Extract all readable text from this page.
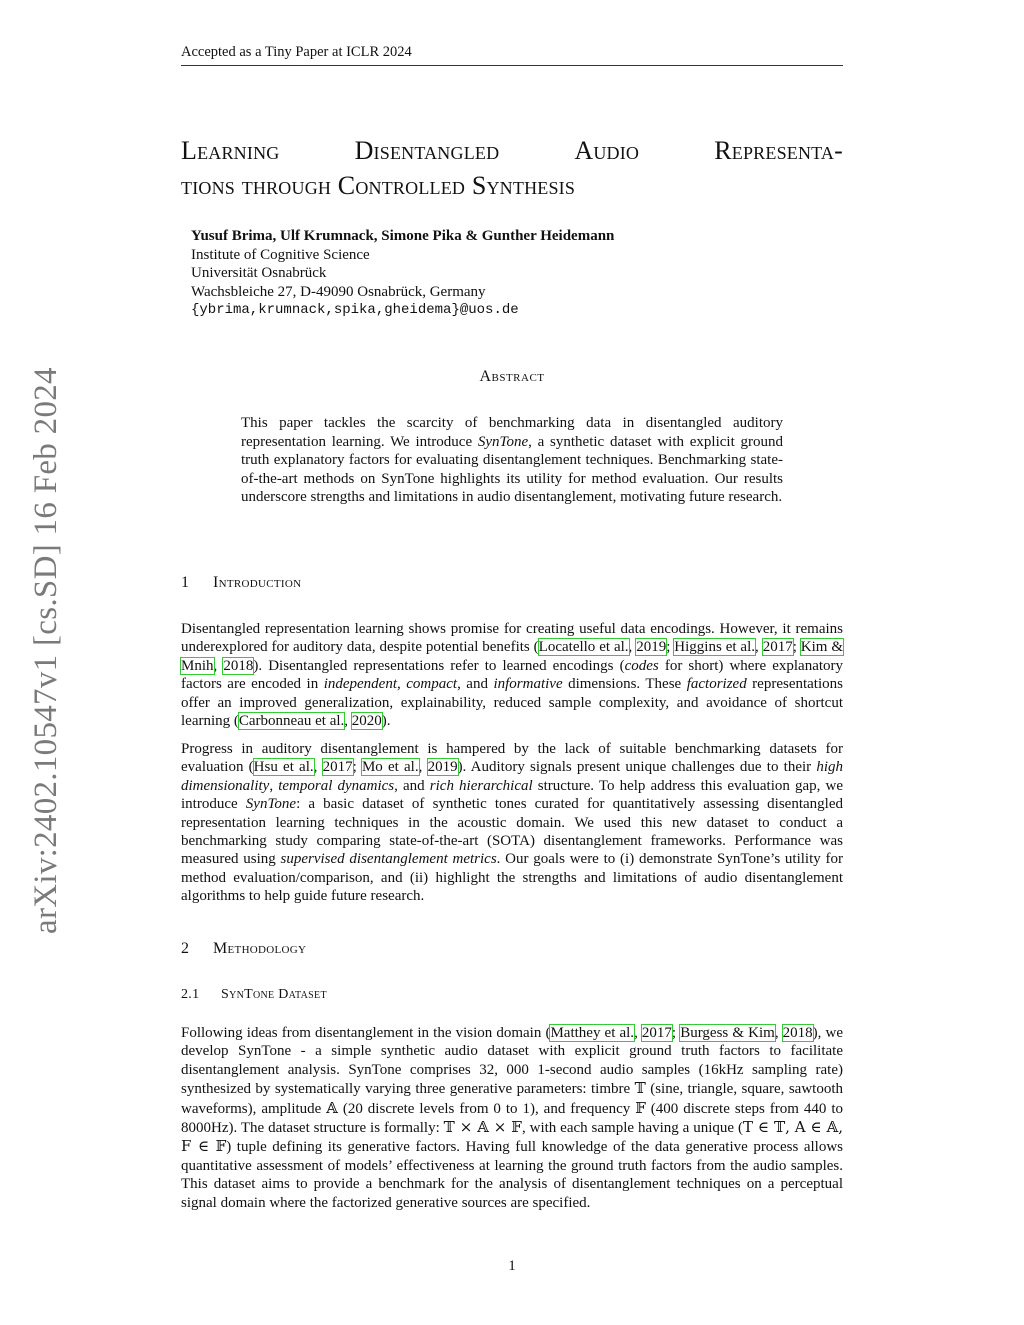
Accepted as a Tiny Paper at ICLR 2024
Learning	Disentangled	Audio	Representa-
tions through Controlled Synthesis
Yusuf Brima, Ulf Krumnack, Simone Pika & Gunther Heidemann
Institute of Cognitive Science
Universität Osnabrück
Wachsbleiche 27, D-49090 Osnabrück, Germany
{ybrima,krumnack,spika,gheidema}@uos.de
Abstract
This paper tackles the scarcity of benchmarking data in disentangled auditory representation learning. We introduce SynTone, a synthetic dataset with explicit ground truth explanatory factors for evaluating disentanglement techniques. Benchmarking state-of-the-art methods on SynTone highlights its utility for method evaluation. Our results underscore strengths and limitations in audio disentanglement, motivating future research.
1 Introduction
Disentangled representation learning shows promise for creating useful data encodings. However, it remains underexplored for auditory data, despite potential benefits (Locatello et al., 2019; Higgins et al., 2017; Kim & Mnih, 2018). Disentangled representations refer to learned encodings (codes for short) where explanatory factors are encoded in independent, compact, and informative dimensions. These factorized representations offer an improved generalization, explainability, reduced sample complexity, and avoidance of shortcut learning (Carbonneau et al., 2020).
Progress in auditory disentanglement is hampered by the lack of suitable benchmarking datasets for evaluation (Hsu et al., 2017; Mo et al., 2019). Auditory signals present unique challenges due to their high dimensionality, temporal dynamics, and rich hierarchical structure. To help address this evaluation gap, we introduce SynTone: a basic dataset of synthetic tones curated for quantitatively assessing disentangled representation learning techniques in the acoustic domain. We used this new dataset to conduct a benchmarking study comparing state-of-the-art (SOTA) disentanglement frameworks. Performance was measured using supervised disentanglement metrics. Our goals were to (i) demonstrate SynTone’s utility for method evaluation/comparison, and (ii) highlight the strengths and limitations of audio disentanglement algorithms to help guide future research.
2 Methodology
2.1 SynTone Dataset
Following ideas from disentanglement in the vision domain (Matthey et al., 2017; Burgess & Kim, 2018), we develop SynTone - a simple synthetic audio dataset with explicit ground truth factors to facilitate disentanglement analysis. SynTone comprises 32, 000 1-second audio samples (16kHz sampling rate) synthesized by systematically varying three generative parameters: timbre 𝕋 (sine, triangle, square, sawtooth waveforms), amplitude 𝔸 (20 discrete levels from 0 to 1), and frequency 𝔽 (400 discrete steps from 440 to 8000Hz). The dataset structure is formally: 𝕋 × 𝔸 × 𝔽, with each sample having a unique (T ∈ 𝕋, A ∈ 𝔸, F ∈ 𝔽) tuple defining its generative factors. Having full knowledge of the data generative process allows quantitative assessment of models’ effectiveness at learning the ground truth factors from the audio samples. This dataset aims to provide a benchmark for the analysis of disentanglement techniques on a perceptual signal domain where the factorized generative sources are specified.
1
arXiv:2402.10547v1 [cs.SD] 16 Feb 2024
